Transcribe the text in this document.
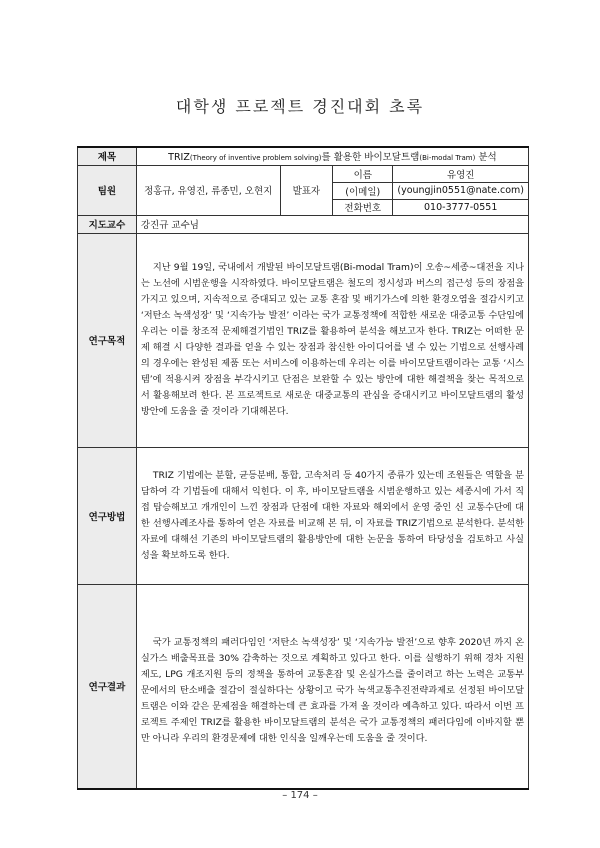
대학생 프로젝트 경진대회 초록
제목	TRIZ(Theory of inventive problem solving)를 활용한 바이모달트램(Bi-modal Tram) 분석			
팀원	정홍규, 유영진, 류종민, 오현지	발표자	이름	유영진
			(이메일)	(youngjin0551@nate.com)
			전화번호	010-3777-0551
지도교수	강진규 교수님			
연구목적	지난 9월 19일, 국내에서 개발된 바이모달트램(Bi-modal Tram)이 오송~세종~대전을 지나는 노선에 시범운행을 시작하였다. 바이모달트램은 철도의 정시성과 버스의 접근성 등의 장점을 가지고 있으며, 지속적으로 증대되고 있는 교통 혼잡 및 배기가스에 의한 환경오염을 절감시키고 ‘저탄소 녹색성장’ 및 ‘지속가능 발전’ 이라는 국가 교통정책에 적합한 새로운 대중교통 수단임에 우리는 이를 창조적 문제해결기법인 TRIZ를 활용하여 분석을 해보고자 한다. TRIZ는 어떠한 문제 해결 시 다양한 결과를 얻을 수 있는 장점과 참신한 아이디어를 낼 수 있는 기법으로 선행사례의 경우에는 완성된 제품 또는 서비스에 이용하는데 우리는 이를 바이모달트램이라는 교통 ‘시스템’에 적용시켜 장점을 부각시키고 단점은 보완할 수 있는 방안에 대한 해결책을 찾는 목적으로서 활용해보려 한다. 본 프로젝트로 새로운 대중교통의 관심을 증대시키고 바이모달트램의 활성방안에 도움을 줄 것이라 기대해본다.			

연구방법	TRIZ 기법에는 분할, 균등분배, 통합, 고속처리 등 40가지 종류가 있는데 조원들은 역할을 분담하여 각 기법들에 대해서 익힌다. 이 후, 바이모달트램을 시범운행하고 있는 세종시에 가서 직접 탑승해보고 개개인이 느낀 장점과 단점에 대한 자료와 해외에서 운영 중인 신 교통수단에 대한 선행사례조사를 통하여 얻은 자료를 비교해 본 뒤, 이 자료를 TRIZ기법으로 분석한다. 분석한 자료에 대해선 기존의 바이모달트램의 활용방안에 대한 논문을 통하여 타당성을 검토하고 사실성을 확보하도록 한다.			

연구결과	국가 교통정책의 패러다임인 ‘저탄소 녹색성장’ 및 ‘지속가능 발전’으로 향후 2020년 까지 온실가스 배출목표를 30% 감축하는 것으로 계획하고 있다고 한다. 이를 실행하기 위해 경차 지원제도, LPG 개조지원 등의 정책을 통하여 교통혼잡 및 온실가스를 줄이려고 하는 노력은 교통부문에서의 탄소배출 절감이 절실하다는 상황이고 국가 녹색교통추진전략과제로 선정된 바이모달트램은 이와 같은 문제점을 해결하는데 큰 효과를 가져 올 것이라 예측하고 있다. 따라서 이번 프로젝트 주제인 TRIZ를 활용한 바이모달트램의 분석은 국가 교통정책의 패러다임에 이바지할 뿐만 아니라 우리의 환경문제에 대한 인식을 일깨우는데 도움을 줄 것이다.			

– 174 –
